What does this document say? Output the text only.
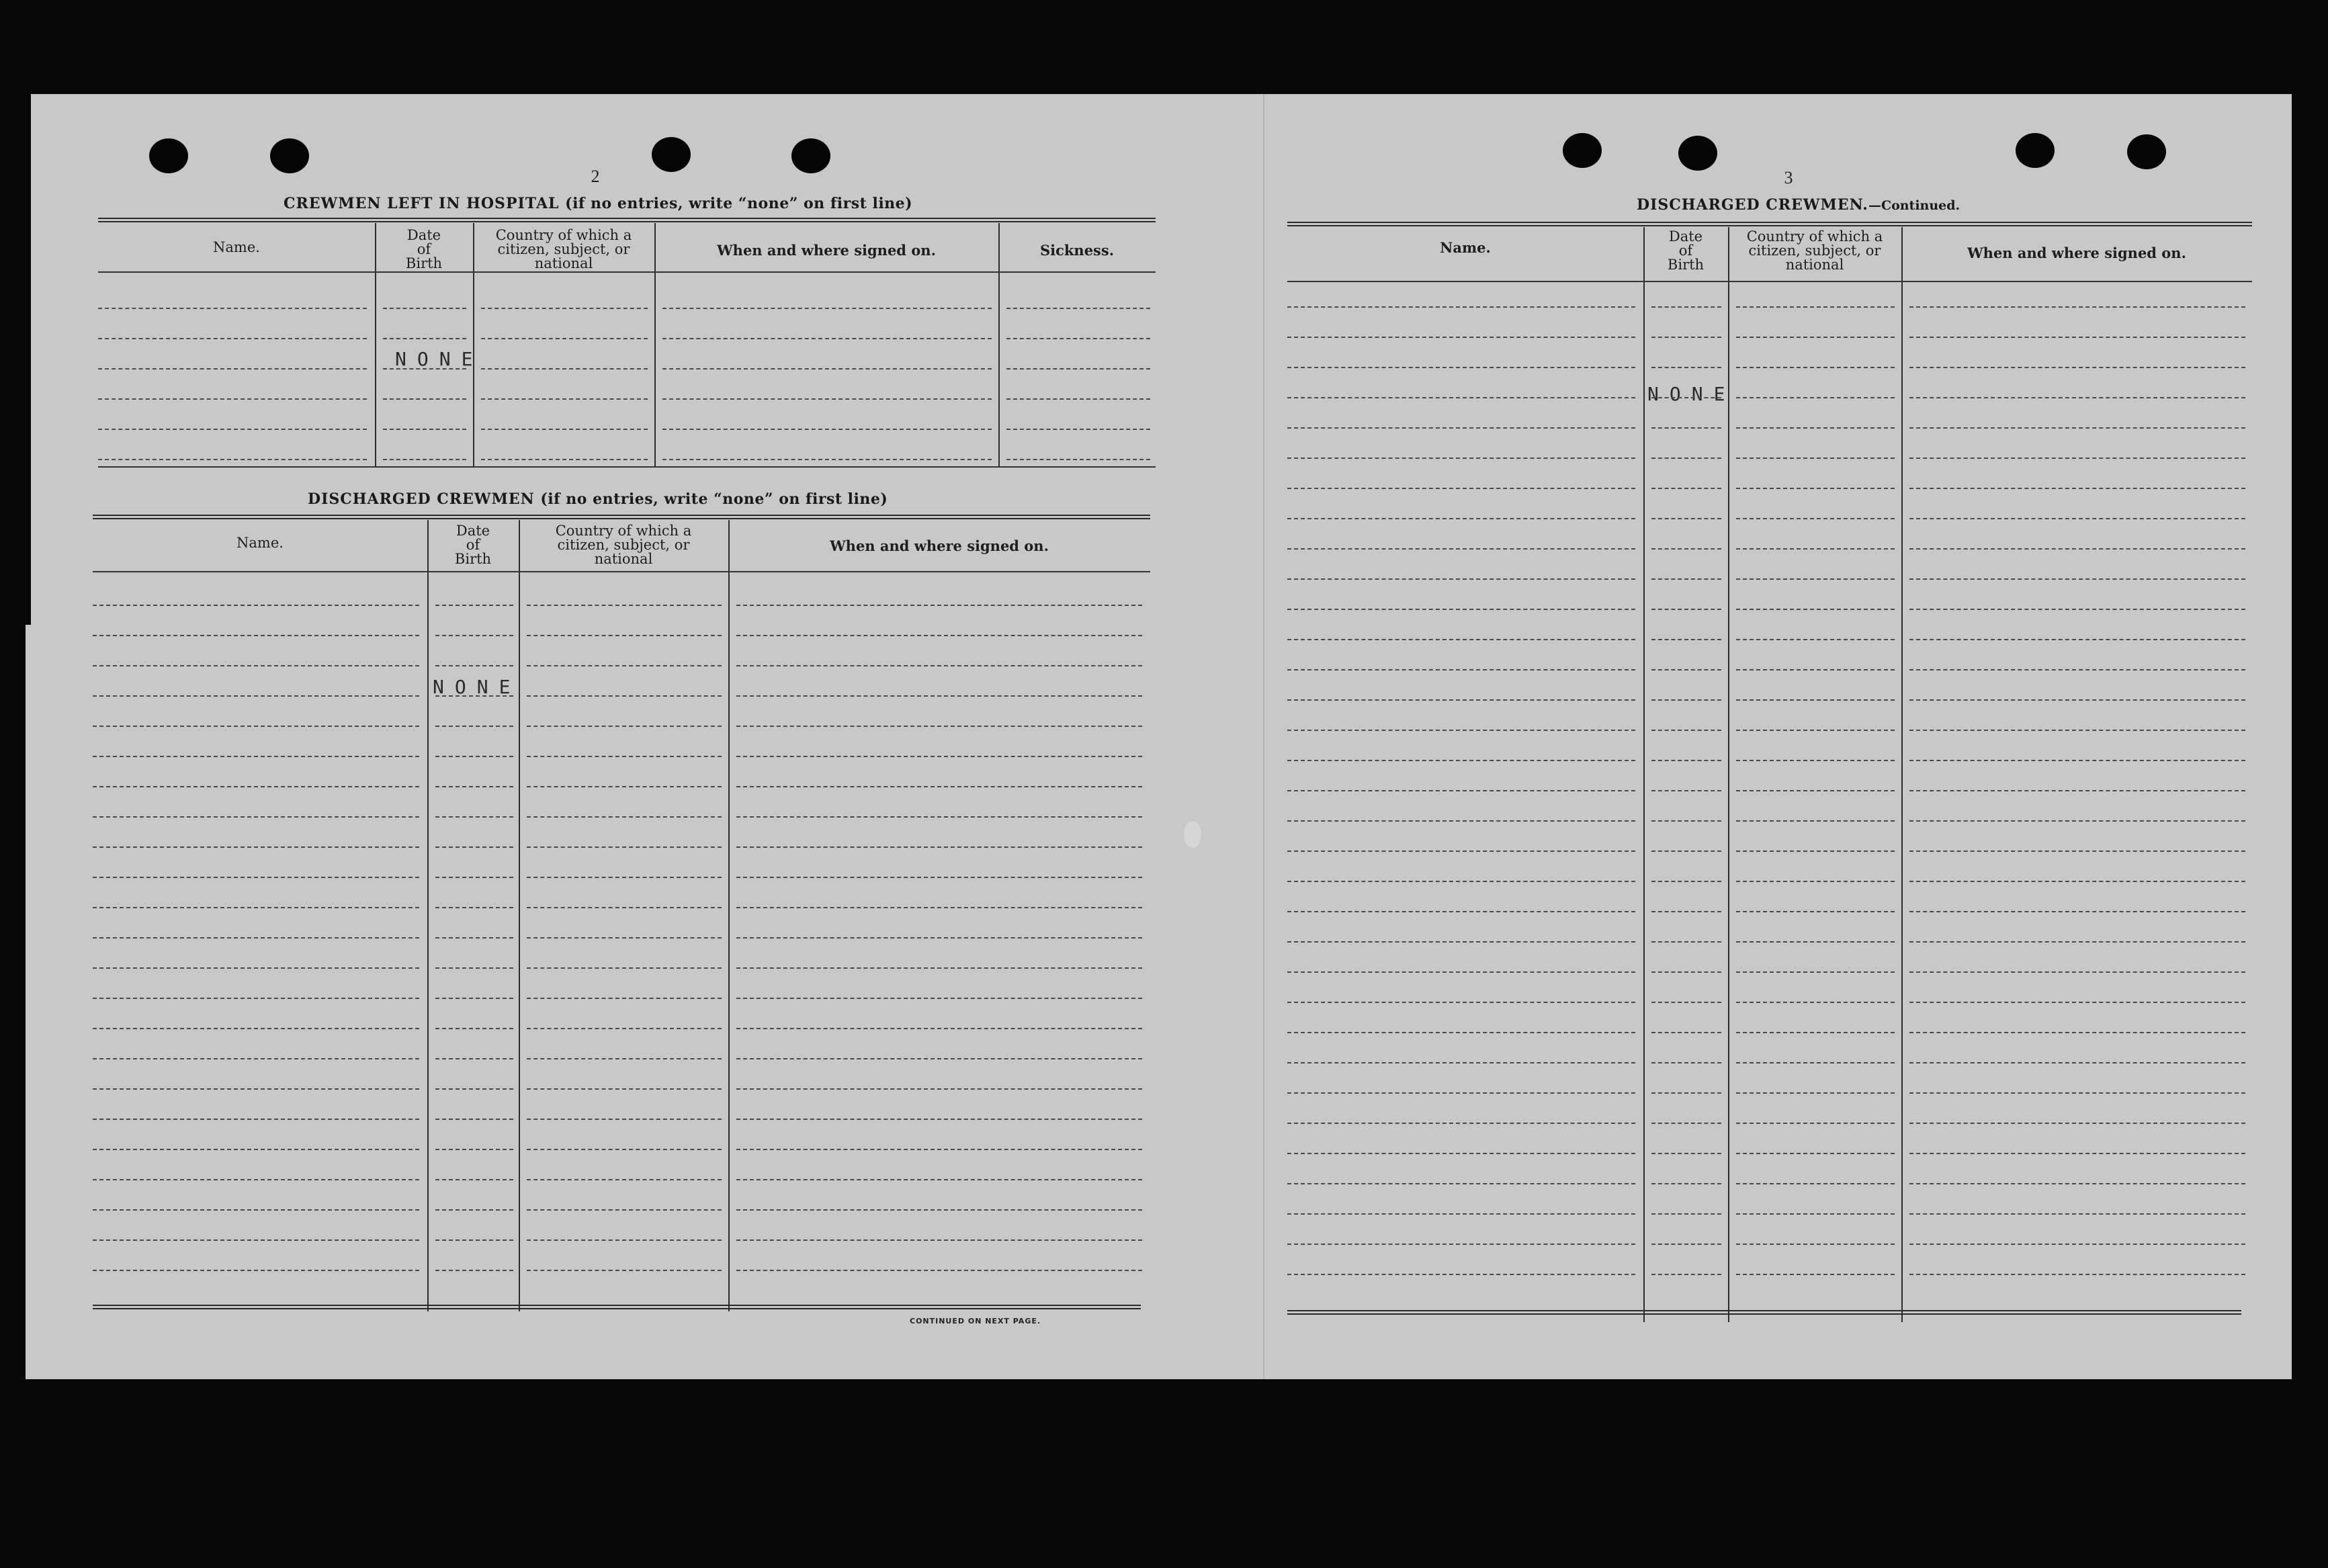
2
CREWMEN LEFT IN HOSPITAL (if no entries, write “none” on first line)
Name.
Date
of
Birth
Country of which a
citizen, subject, or
national
When and where signed on.	Sickness.
NONE
DISCHARGED CREWMEN (if no entries, write “none” on first line)
Name.
Date
of
Birth
Country of which a
citizen, subject, or
national
When and where signed on.
NONE
CONTINUED ON NEXT PAGE.
3
DISCHARGED CREWMEN.—Continued.
Name.
Date
of
Birth
Country of which a
citizen, subject, or
national
When and where signed on.
NONE
